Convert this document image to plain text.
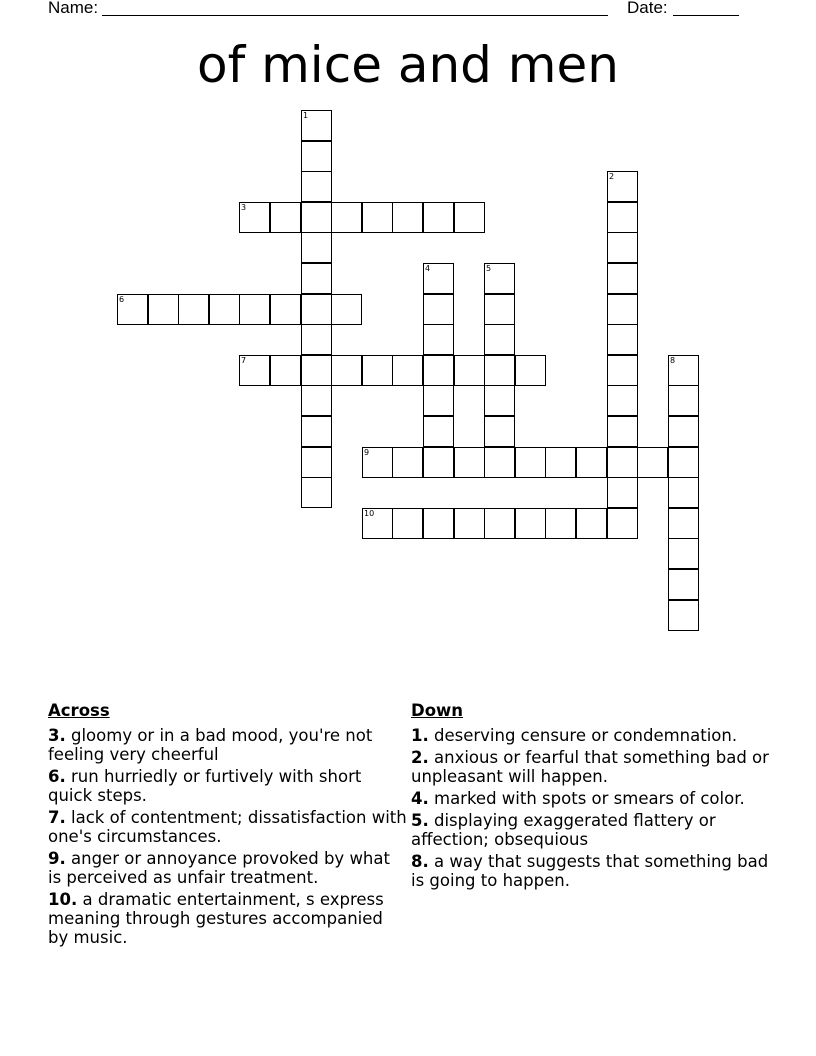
Name:	Date:
of mice and men
1
2
3
4	5
6
7	8
9
10
Across
3. gloomy or in a bad mood, you're not feeling very cheerful
6. run hurriedly or furtively with short quick steps.
7. lack of contentment; dissatisfaction with one's circumstances.
9. anger or annoyance provoked by what is perceived as unfair treatment.
10. a dramatic entertainment, s express meaning through gestures accompanied by music.
Down
1. deserving censure or condemnation.
2. anxious or fearful that something bad or unpleasant will happen.
4. marked with spots or smears of color.
5. displaying exaggerated flattery or affection; obsequious
8. a way that suggests that something bad is going to happen.
